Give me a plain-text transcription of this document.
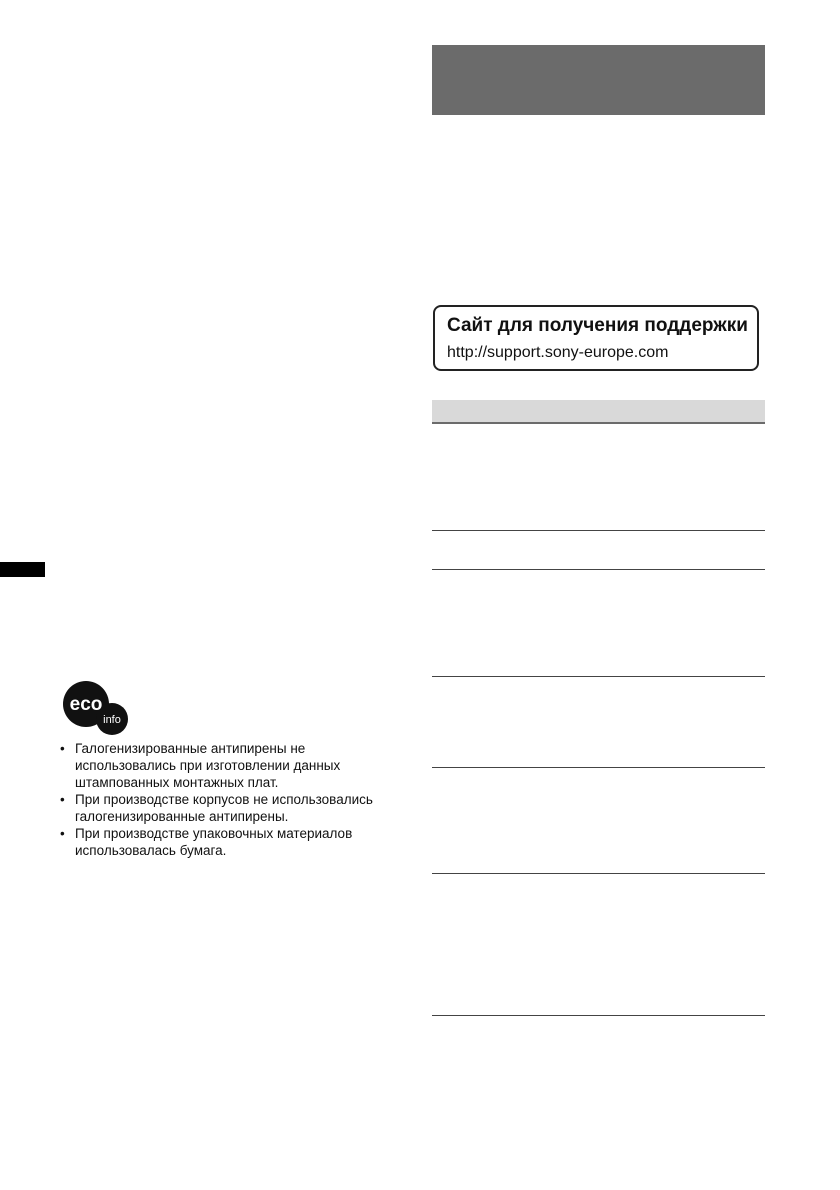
Сайт для получения поддержки
http://support.sony-europe.com
eco
info
• Галогенизированные антипирены не использовались при изготовлении данных штампованных монтажных плат.
• При производстве корпусов не использовались галогенизированные антипирены.
• При производстве упаковочных материалов использовалась бумага.
